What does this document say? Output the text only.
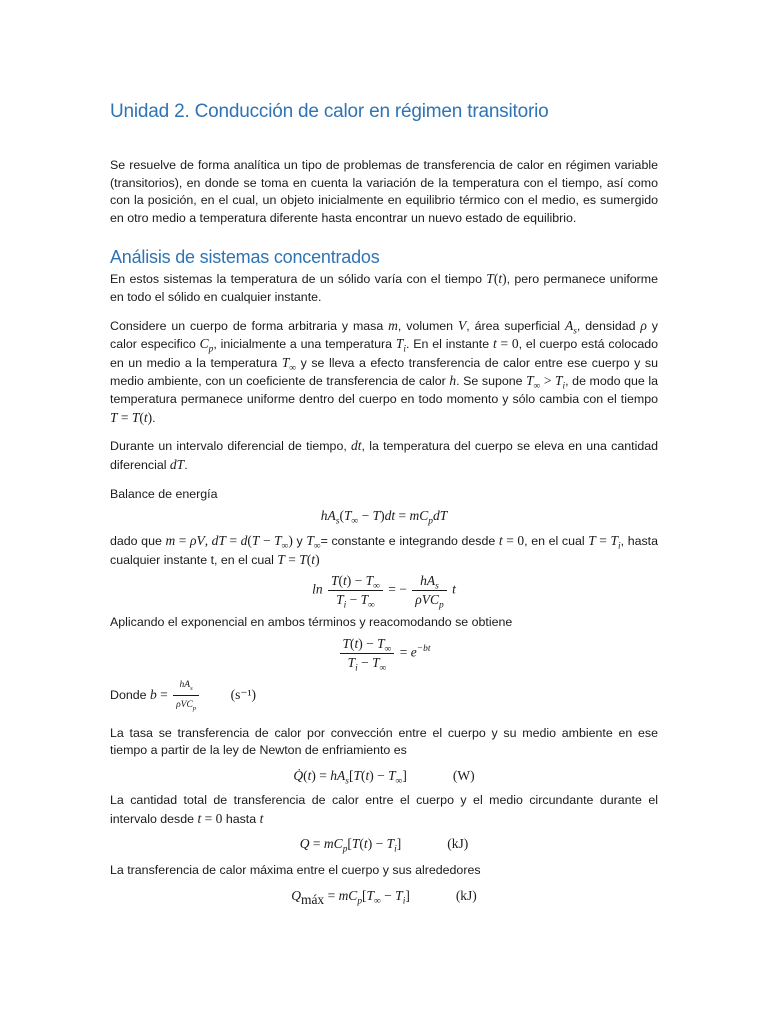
Unidad 2. Conducción de calor en régimen transitorio

Se resuelve de forma analítica un tipo de problemas de transferencia de calor en régimen variable (transitorios), en donde se toma en cuenta la variación de la temperatura con el tiempo, así como con la posición, en el cual, un objeto inicialmente en equilibrio térmico con el medio, es sumergido en otro medio a temperatura diferente hasta encontrar un nuevo estado de equilibrio.

Análisis de sistemas concentrados

En estos sistemas la temperatura de un sólido varía con el tiempo T(t), pero permanece uniforme en todo el sólido en cualquier instante.

Considere un cuerpo de forma arbitraria y masa m, volumen V, área superficial $A_s$, densidad ρ y calor especifico $C_p$, inicialmente a una temperatura $T_i$. En el instante t = 0, el cuerpo está colocado en un medio a la temperatura $T_\infty$ y se lleva a efecto transferencia de calor entre ese cuerpo y su medio ambiente, con un coeficiente de transferencia de calor h. Se supone $T_\infty > T_i$, de modo que la temperatura permanece uniforme dentro del cuerpo en todo momento y sólo cambia con el tiempo T = T(t).

Durante un intervalo diferencial de tiempo, dt, la temperatura del cuerpo se eleva en una cantidad diferencial dT.

Balance de energía

$hA_s(T_\infty - T)dt = mC_pdT$

dado que m = ρV, dT = $d(T - T_\infty)$ y $T_\infty=$ constante e integrando desde t = 0, en el cual $T = T_i$, hasta cualquier instante t, en el cual T = T(t)

$\ln \frac{T(t) - T_\infty}{T_i - T_\infty}$ = − $\frac{hA_s}{\rho VC_p}$ t

Aplicando el exponencial en ambos términos y reacomodando se obtiene

$\frac{T(t) - T_\infty}{T_i - T_\infty} = e^{-bt}$

Donde $b = \frac{hA_s}{\rho VC_p} (s^{-1})$

La tasa se transferencia de calor por convección entre el cuerpo y su medio ambiente en ese tiempo a partir de la ley de Newton de enfriamiento es

Q̇(t) = $hA_s[T(t) - T_\infty]$	(W)

La cantidad total de transferencia de calor entre el cuerpo y el medio circundante durante el intervalo desde t = 0 hasta t

$Q = mC_p[T(t) - T_i]$	(kJ)

La transferencia de calor máxima entre el cuerpo y sus alrededores

$Q_{máx} = mC_p[T_\infty - T_i]$	(kJ)
